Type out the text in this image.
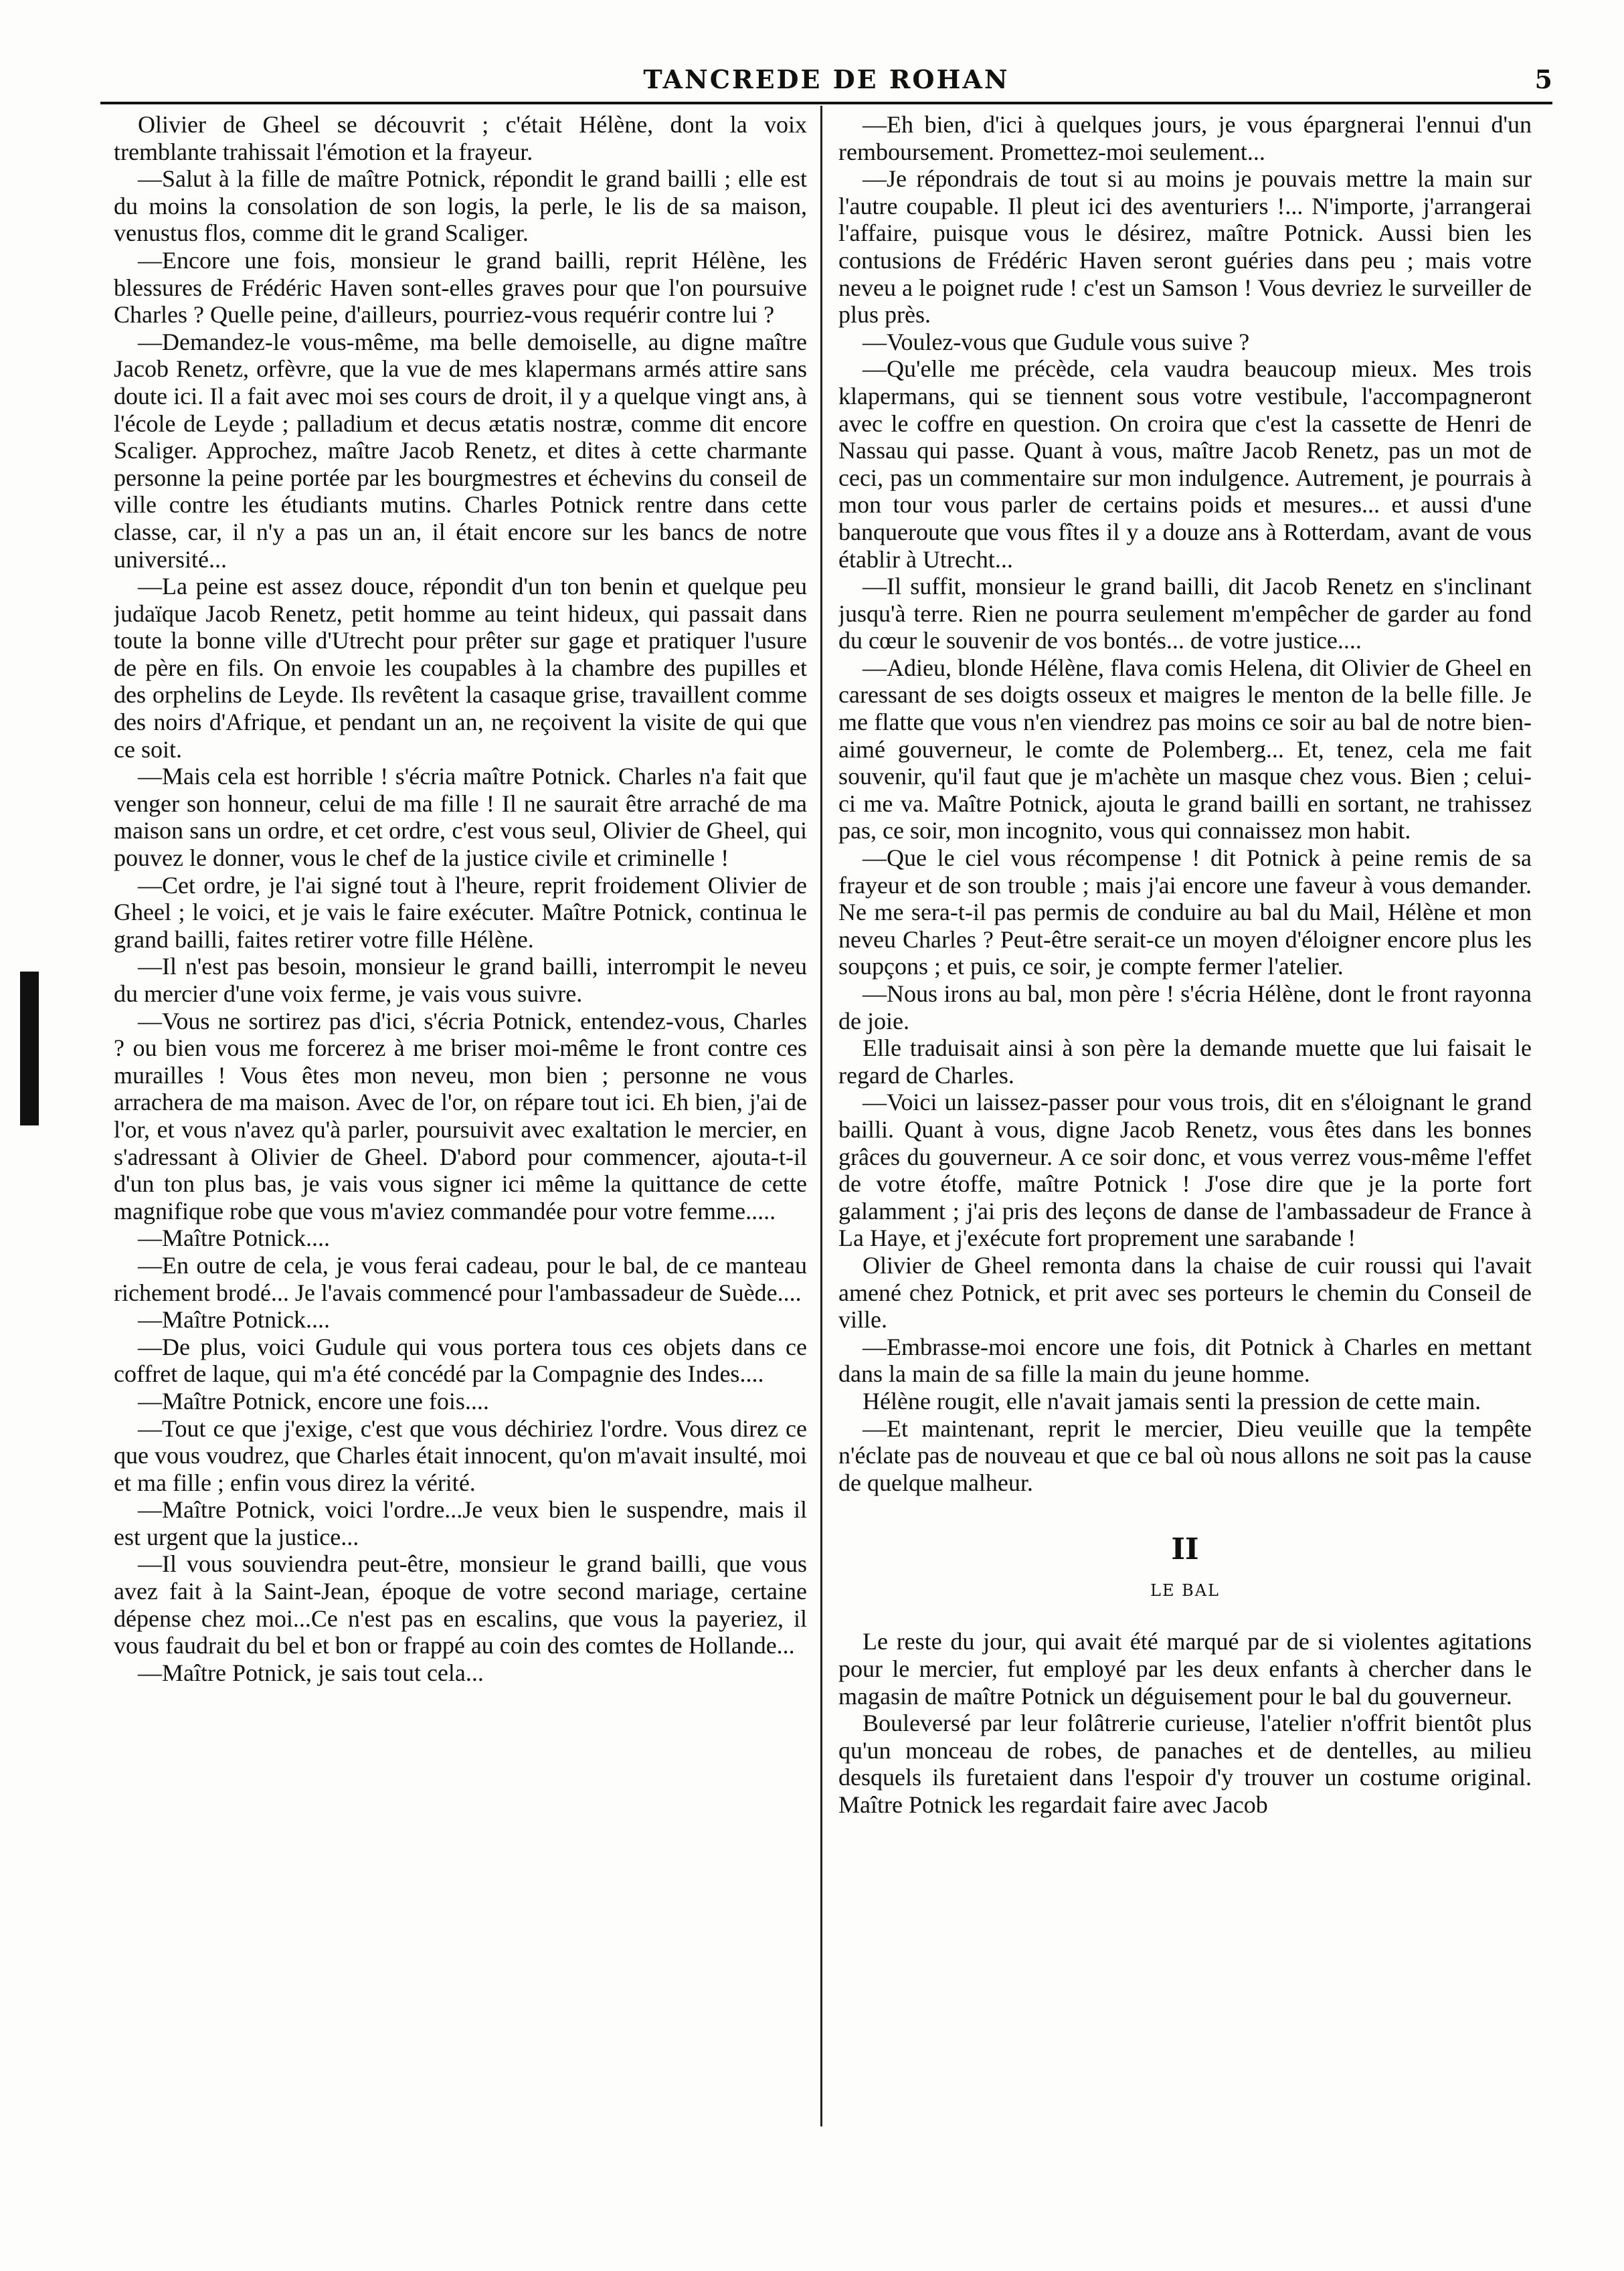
TANCREDE DE ROHAN	5

Olivier de Gheel se découvrit ; c'était Hélène, dont la voix tremblante trahissait l'émotion et la frayeur.

—Salut à la fille de maître Potnick, répondit le grand bailli ; elle est du moins la consolation de son logis, la perle, le lis de sa maison, venustus flos, comme dit le grand Scaliger.

—Encore une fois, monsieur le grand bailli, reprit Hélène, les blessures de Frédéric Haven sont-elles graves pour que l'on poursuive Charles ? Quelle peine, d'ailleurs, pourriez-vous requérir contre lui ?

—Demandez-le vous-même, ma belle demoiselle, au digne maître Jacob Renetz, orfèvre, que la vue de mes klapermans armés attire sans doute ici. Il a fait avec moi ses cours de droit, il y a quelque vingt ans, à l'école de Leyde ; palladium et decus ætatis nostræ, comme dit encore Scaliger. Approchez, maître Jacob Renetz, et dites à cette charmante personne la peine portée par les bourgmestres et échevins du conseil de ville contre les étudiants mutins. Charles Potnick rentre dans cette classe, car, il n'y a pas un an, il était encore sur les bancs de notre université...

—La peine est assez douce, répondit d'un ton benin et quelque peu judaïque Jacob Renetz, petit homme au teint hideux, qui passait dans toute la bonne ville d'Utrecht pour prêter sur gage et pratiquer l'usure de père en fils. On envoie les coupables à la chambre des pupilles et des orphelins de Leyde. Ils revêtent la casaque grise, travaillent comme des noirs d'Afrique, et pendant un an, ne reçoivent la visite de qui que ce soit.

—Mais cela est horrible ! s'écria maître Potnick. Charles n'a fait que venger son honneur, celui de ma fille ! Il ne saurait être arraché de ma maison sans un ordre, et cet ordre, c'est vous seul, Olivier de Gheel, qui pouvez le donner, vous le chef de la justice civile et criminelle !

—Cet ordre, je l'ai signé tout à l'heure, reprit froidement Olivier de Gheel ; le voici, et je vais le faire exécuter. Maître Potnick, continua le grand bailli, faites retirer votre fille Hélène.

—Il n'est pas besoin, monsieur le grand bailli, interrompit le neveu du mercier d'une voix ferme, je vais vous suivre.

—Vous ne sortirez pas d'ici, s'écria Potnick, entendez-vous, Charles ? ou bien vous me forcerez à me briser moi-même le front contre ces murailles ! Vous êtes mon neveu, mon bien ; personne ne vous arrachera de ma maison. Avec de l'or, on répare tout ici. Eh bien, j'ai de l'or, et vous n'avez qu'à parler, poursuivit avec exaltation le mercier, en s'adressant à Olivier de Gheel. D'abord pour commencer, ajouta-t-il d'un ton plus bas, je vais vous signer ici même la quittance de cette magnifique robe que vous m'aviez commandée pour votre femme.....

—Maître Potnick....

—En outre de cela, je vous ferai cadeau, pour le bal, de ce manteau richement brodé... Je l'avais commencé pour l'ambassadeur de Suède....

—Maître Potnick....

—De plus, voici Gudule qui vous portera tous ces objets dans ce coffret de laque, qui m'a été concédé par la Compagnie des Indes....

—Maître Potnick, encore une fois....

—Tout ce que j'exige, c'est que vous déchiriez l'ordre. Vous direz ce que vous voudrez, que Charles était innocent, qu'on m'avait insulté, moi et ma fille ; enfin vous direz la vérité.

—Maître Potnick, voici l'ordre...Je veux bien le suspendre, mais il est urgent que la justice...

—Il vous souviendra peut-être, monsieur le grand bailli, que vous avez fait à la Saint-Jean, époque de votre second mariage, certaine dépense chez moi...Ce n'est pas en escalins, que vous la payeriez, il vous faudrait du bel et bon or frappé au coin des comtes de Hollande...

—Maître Potnick, je sais tout cela...

—Eh bien, d'ici à quelques jours, je vous épargnerai l'ennui d'un remboursement. Promettez-moi seulement...

—Je répondrais de tout si au moins je pouvais mettre la main sur l'autre coupable. Il pleut ici des aventuriers !... N'importe, j'arrangerai l'affaire, puisque vous le désirez, maître Potnick. Aussi bien les contusions de Frédéric Haven seront guéries dans peu ; mais votre neveu a le poignet rude ! c'est un Samson ! Vous devriez le surveiller de plus près.

—Voulez-vous que Gudule vous suive ?

—Qu'elle me précède, cela vaudra beaucoup mieux. Mes trois klapermans, qui se tiennent sous votre vestibule, l'accompagneront avec le coffre en question. On croira que c'est la cassette de Henri de Nassau qui passe. Quant à vous, maître Jacob Renetz, pas un mot de ceci, pas un commentaire sur mon indulgence. Autrement, je pourrais à mon tour vous parler de certains poids et mesures... et aussi d'une banqueroute que vous fîtes il y a douze ans à Rotterdam, avant de vous établir à Utrecht...

—Il suffit, monsieur le grand bailli, dit Jacob Renetz en s'inclinant jusqu'à terre. Rien ne pourra seulement m'empêcher de garder au fond du cœur le souvenir de vos bontés... de votre justice....

—Adieu, blonde Hélène, flava comis Helena, dit Olivier de Gheel en caressant de ses doigts osseux et maigres le menton de la belle fille. Je me flatte que vous n'en viendrez pas moins ce soir au bal de notre bien-aimé gouverneur, le comte de Polemberg... Et, tenez, cela me fait souvenir, qu'il faut que je m'achète un masque chez vous. Bien ; celui-ci me va. Maître Potnick, ajouta le grand bailli en sortant, ne trahissez pas, ce soir, mon incognito, vous qui connaissez mon habit.

—Que le ciel vous récompense ! dit Potnick à peine remis de sa frayeur et de son trouble ; mais j'ai encore une faveur à vous demander. Ne me sera-t-il pas permis de conduire au bal du Mail, Hélène et mon neveu Charles ? Peut-être serait-ce un moyen d'éloigner encore plus les soupçons ; et puis, ce soir, je compte fermer l'atelier.

—Nous irons au bal, mon père ! s'écria Hélène, dont le front rayonna de joie.

Elle traduisait ainsi à son père la demande muette que lui faisait le regard de Charles.

—Voici un laissez-passer pour vous trois, dit en s'éloignant le grand bailli. Quant à vous, digne Jacob Renetz, vous êtes dans les bonnes grâces du gouverneur. A ce soir donc, et vous verrez vous-même l'effet de votre étoffe, maître Potnick ! J'ose dire que je la porte fort galamment ; j'ai pris des leçons de danse de l'ambassadeur de France à La Haye, et j'exécute fort proprement une sarabande !

Olivier de Gheel remonta dans la chaise de cuir roussi qui l'avait amené chez Potnick, et prit avec ses porteurs le chemin du Conseil de ville.

—Embrasse-moi encore une fois, dit Potnick à Charles en mettant dans la main de sa fille la main du jeune homme.

Hélène rougit, elle n'avait jamais senti la pression de cette main.

—Et maintenant, reprit le mercier, Dieu veuille que la tempête n'éclate pas de nouveau et que ce bal où nous allons ne soit pas la cause de quelque malheur.

II
LE BAL

Le reste du jour, qui avait été marqué par de si violentes agitations pour le mercier, fut employé par les deux enfants à chercher dans le magasin de maître Potnick un déguisement pour le bal du gouverneur.

Bouleversé par leur folâtrerie curieuse, l'atelier n'offrit bientôt plus qu'un monceau de robes, de panaches et de dentelles, au milieu desquels ils furetaient dans l'espoir d'y trouver un costume original. Maître Potnick les regardait faire avec Jacob
